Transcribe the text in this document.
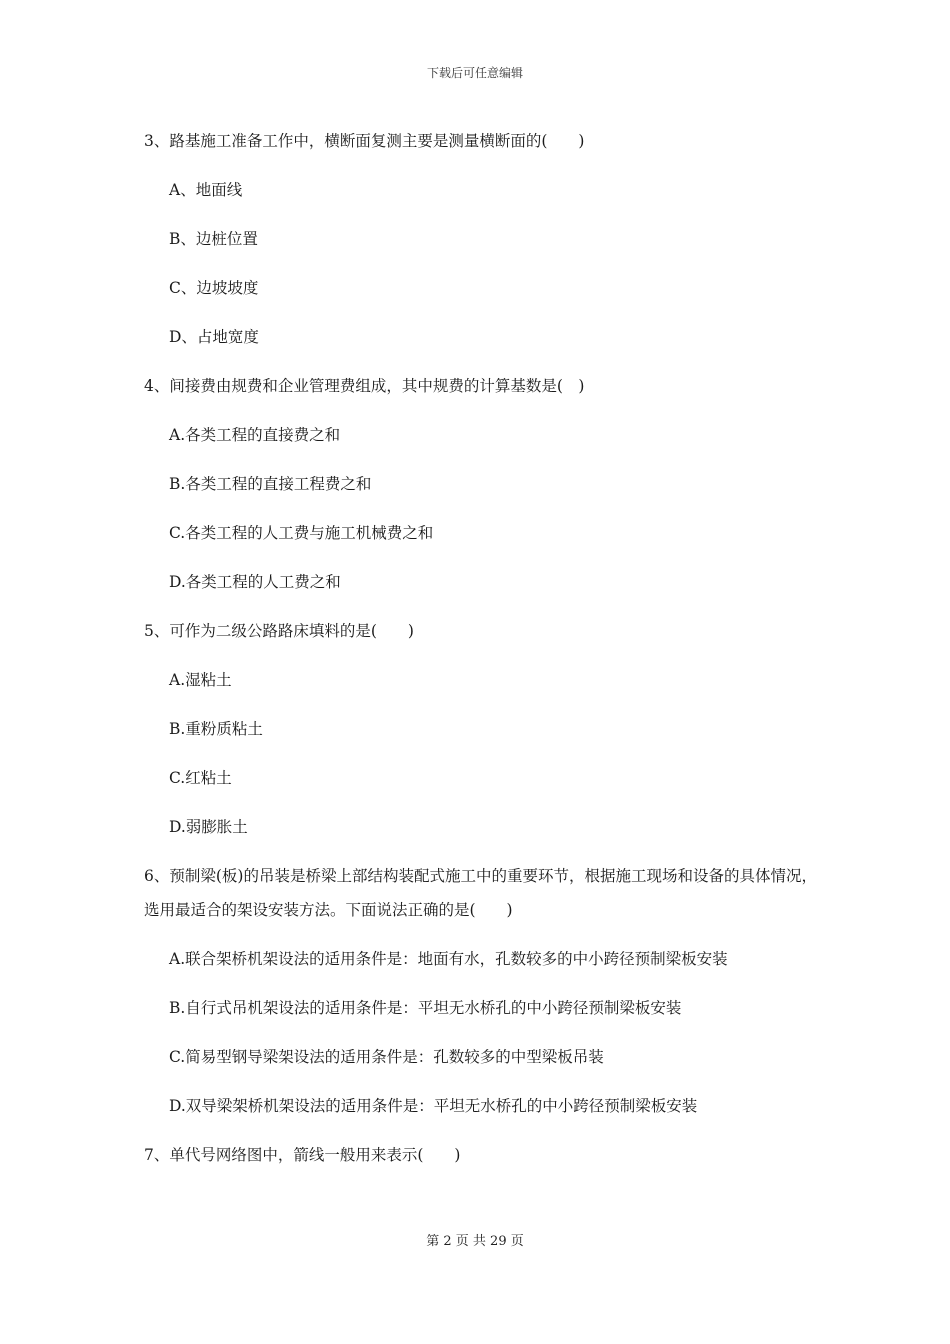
下载后可任意编辑
3、路基施工准备工作中，横断面复测主要是测量横断面的(　　)
A、地面线
B、边桩位置
C、边坡坡度
D、占地宽度
4、间接费由规费和企业管理费组成，其中规费的计算基数是(　)
A.各类工程的直接费之和
B.各类工程的直接工程费之和
C.各类工程的人工费与施工机械费之和
D.各类工程的人工费之和
5、可作为二级公路路床填料的是(　　)
A.湿粘土
B.重粉质粘土
C.红粘土
D.弱膨胀土
6、预制梁(板)的吊装是桥梁上部结构装配式施工中的重要环节，根据施工现场和设备的具体情况，选用最适合的架设安装方法。下面说法正确的是(　　)
A.联合架桥机架设法的适用条件是：地面有水，孔数较多的中小跨径预制梁板安装
B.自行式吊机架设法的适用条件是：平坦无水桥孔的中小跨径预制梁板安装
C.简易型钢导梁架设法的适用条件是：孔数较多的中型梁板吊装
D.双导梁架桥机架设法的适用条件是：平坦无水桥孔的中小跨径预制梁板安装
7、单代号网络图中，箭线一般用来表示(　　)
第 2 页 共 29 页
